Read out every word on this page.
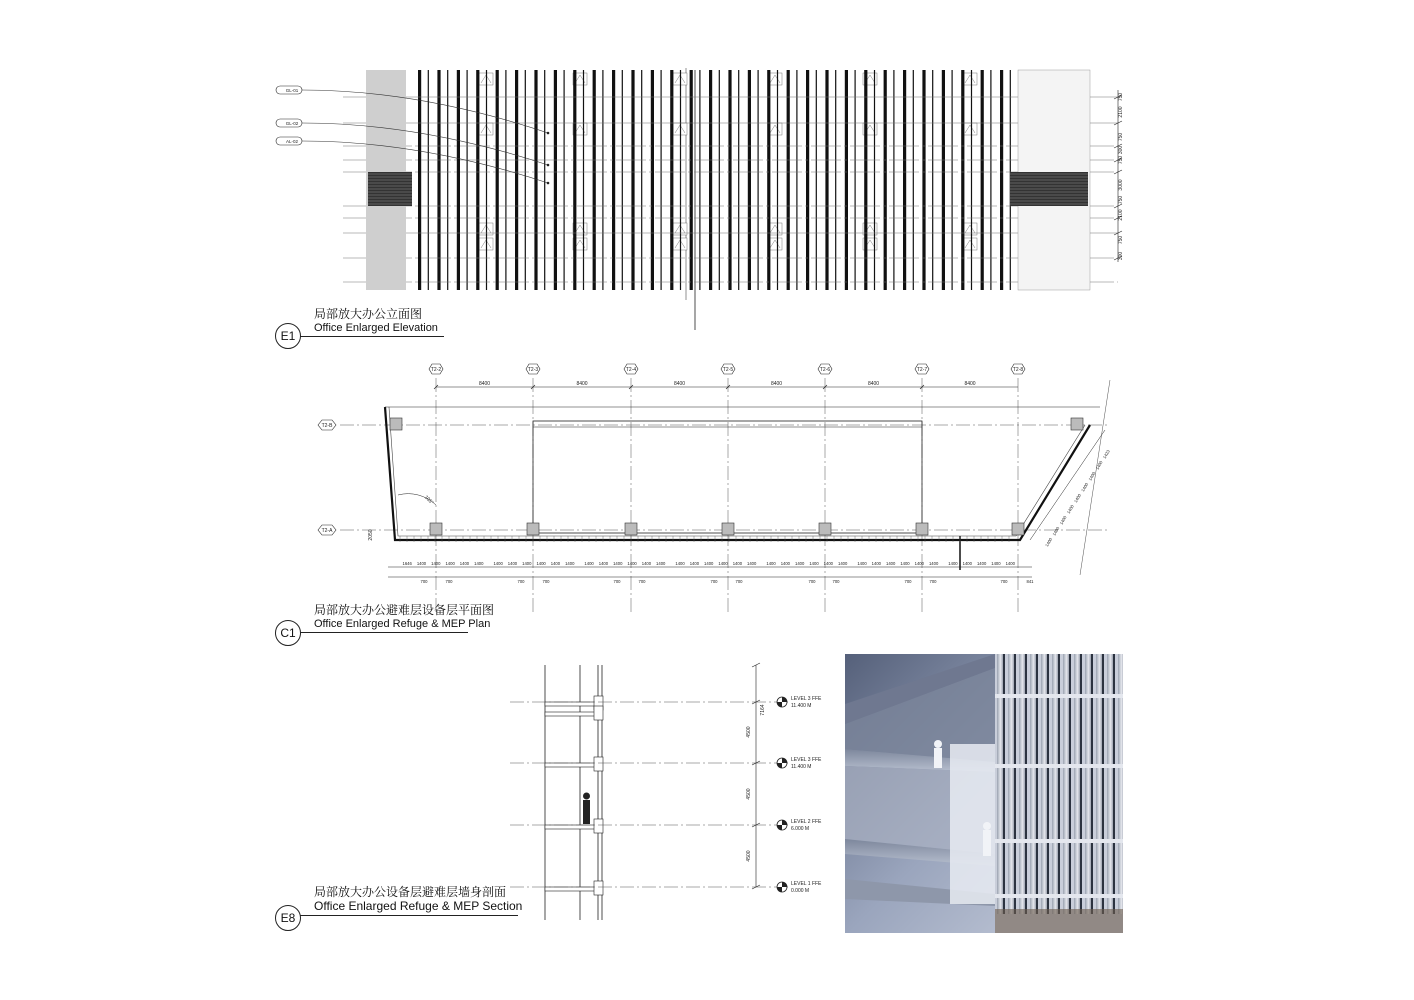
GL-01
GL-02
AL-02
750
2100
750
300
750
3000
750
2100
750
300
E1
局部放大办公立面图
Office Enlarged Elevation
T2-2	T2-3	T2-4	T2-5	T2-6	T2-7	T2-8
T2-B
T2-A
105°
2050
8400	8400	8400	8400	8400	8400
1646 1400 1400 1400 1400 1400 1400 1400 1400 1400 1400 1400 1400 1400 1400 1400 1400 1400 1400 1400 1400 1400 1400 1400 1400 1400 1400 1400 1400 1400 1400 1400 1400 1400 1400 1400 1400 1400 1400 1400 1400
700	700	700	700	700	700	700	700	700	700	700	700	700	841
1400
1400
1400
1400
1400
1400
1400
1400
1423
C1
局部放大办公避难层设备层平面图
Office Enlarged Refuge & MEP Plan
LEVEL 3 FFE
11.400 M
LEVEL 3 FFE
11.400 M
LEVEL 2 FFE
6.000 M
LEVEL 1 FFE
0.000 M
7164
4500
4500
4500
E8
局部放大办公设备层避难层墙身剖面
Office Enlarged Refuge & MEP Section
